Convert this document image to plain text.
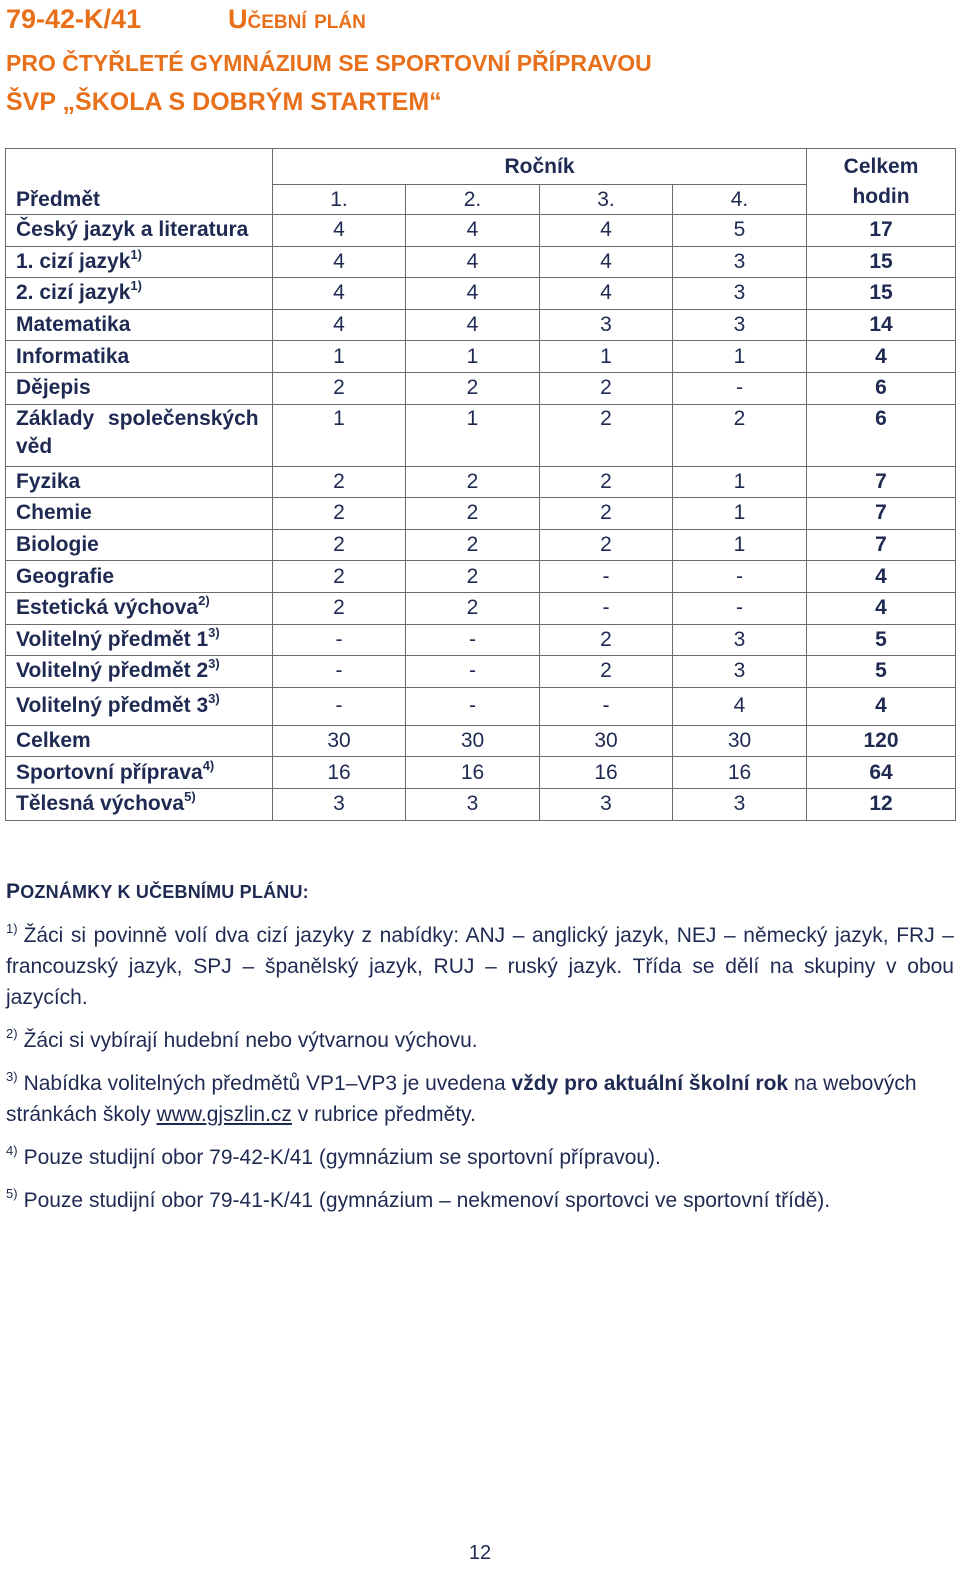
79-42-K/41	Učební plán
PRO ČTYŘLETÉ GYMNÁZIUM SE SPORTOVNÍ PŘÍPRAVOU
ŠVP „ŠKOLA S DOBRÝM STARTEM“
Předmět	Ročník				Celkem hodin
	1.	2.	3.	4.	
Český jazyk a literatura	4	4	4	5	17
1. cizí jazyk$^{1)}$	4	4	4	3	15
2. cizí jazyk$^{1)}$	4	4	4	3	15
Matematika	4	4	3	3	14
Informatika	1	1	1	1	4
Dějepis	2	2	2	-	6
Základy společenských věd	1	1	2	2	6
Fyzika	2	2	2	1	7
Chemie	2	2	2	1	7
Biologie	2	2	2	1	7
Geografie	2	2	-	-	4
Estetická výchova$^{2)}$	2	2	-	-	4
Volitelný předmět 1$^{3)}$	-	-	2	3	5
Volitelný předmět 2$^{3)}$	-	-	2	3	5
Volitelný předmět 3$^{3)}$	-	-	-	4	4
Celkem	30	30	30	30	120
Sportovní příprava$^{4)}$	16	16	16	16	64
Tělesná výchova$^{5)}$	3	3	3	3	12
POZNÁMKY K UČEBNÍMU PLÁNU:

$^{1)}$ Žáci si povinně volí dva cizí jazyky z nabídky: ANJ – anglický jazyk, NEJ – německý jazyk, FRJ – francouzský jazyk, SPJ – španělský jazyk, RUJ – ruský jazyk. Třída se dělí na skupiny v obou jazycích.

$^{2)}$ Žáci si vybírají hudební nebo výtvarnou výchovu.

$^{3)}$ Nabídka volitelných předmětů VP1–VP3 je uvedena vždy pro aktuální školní rok na webových stránkách školy www.gjszlin.cz v rubrice předměty.

$^{4)}$ Pouze studijní obor 79-42-K/41 (gymnázium se sportovní přípravou).

$^{5)}$ Pouze studijní obor 79-41-K/41 (gymnázium – nekmenoví sportovci ve sportovní třídě).

12
